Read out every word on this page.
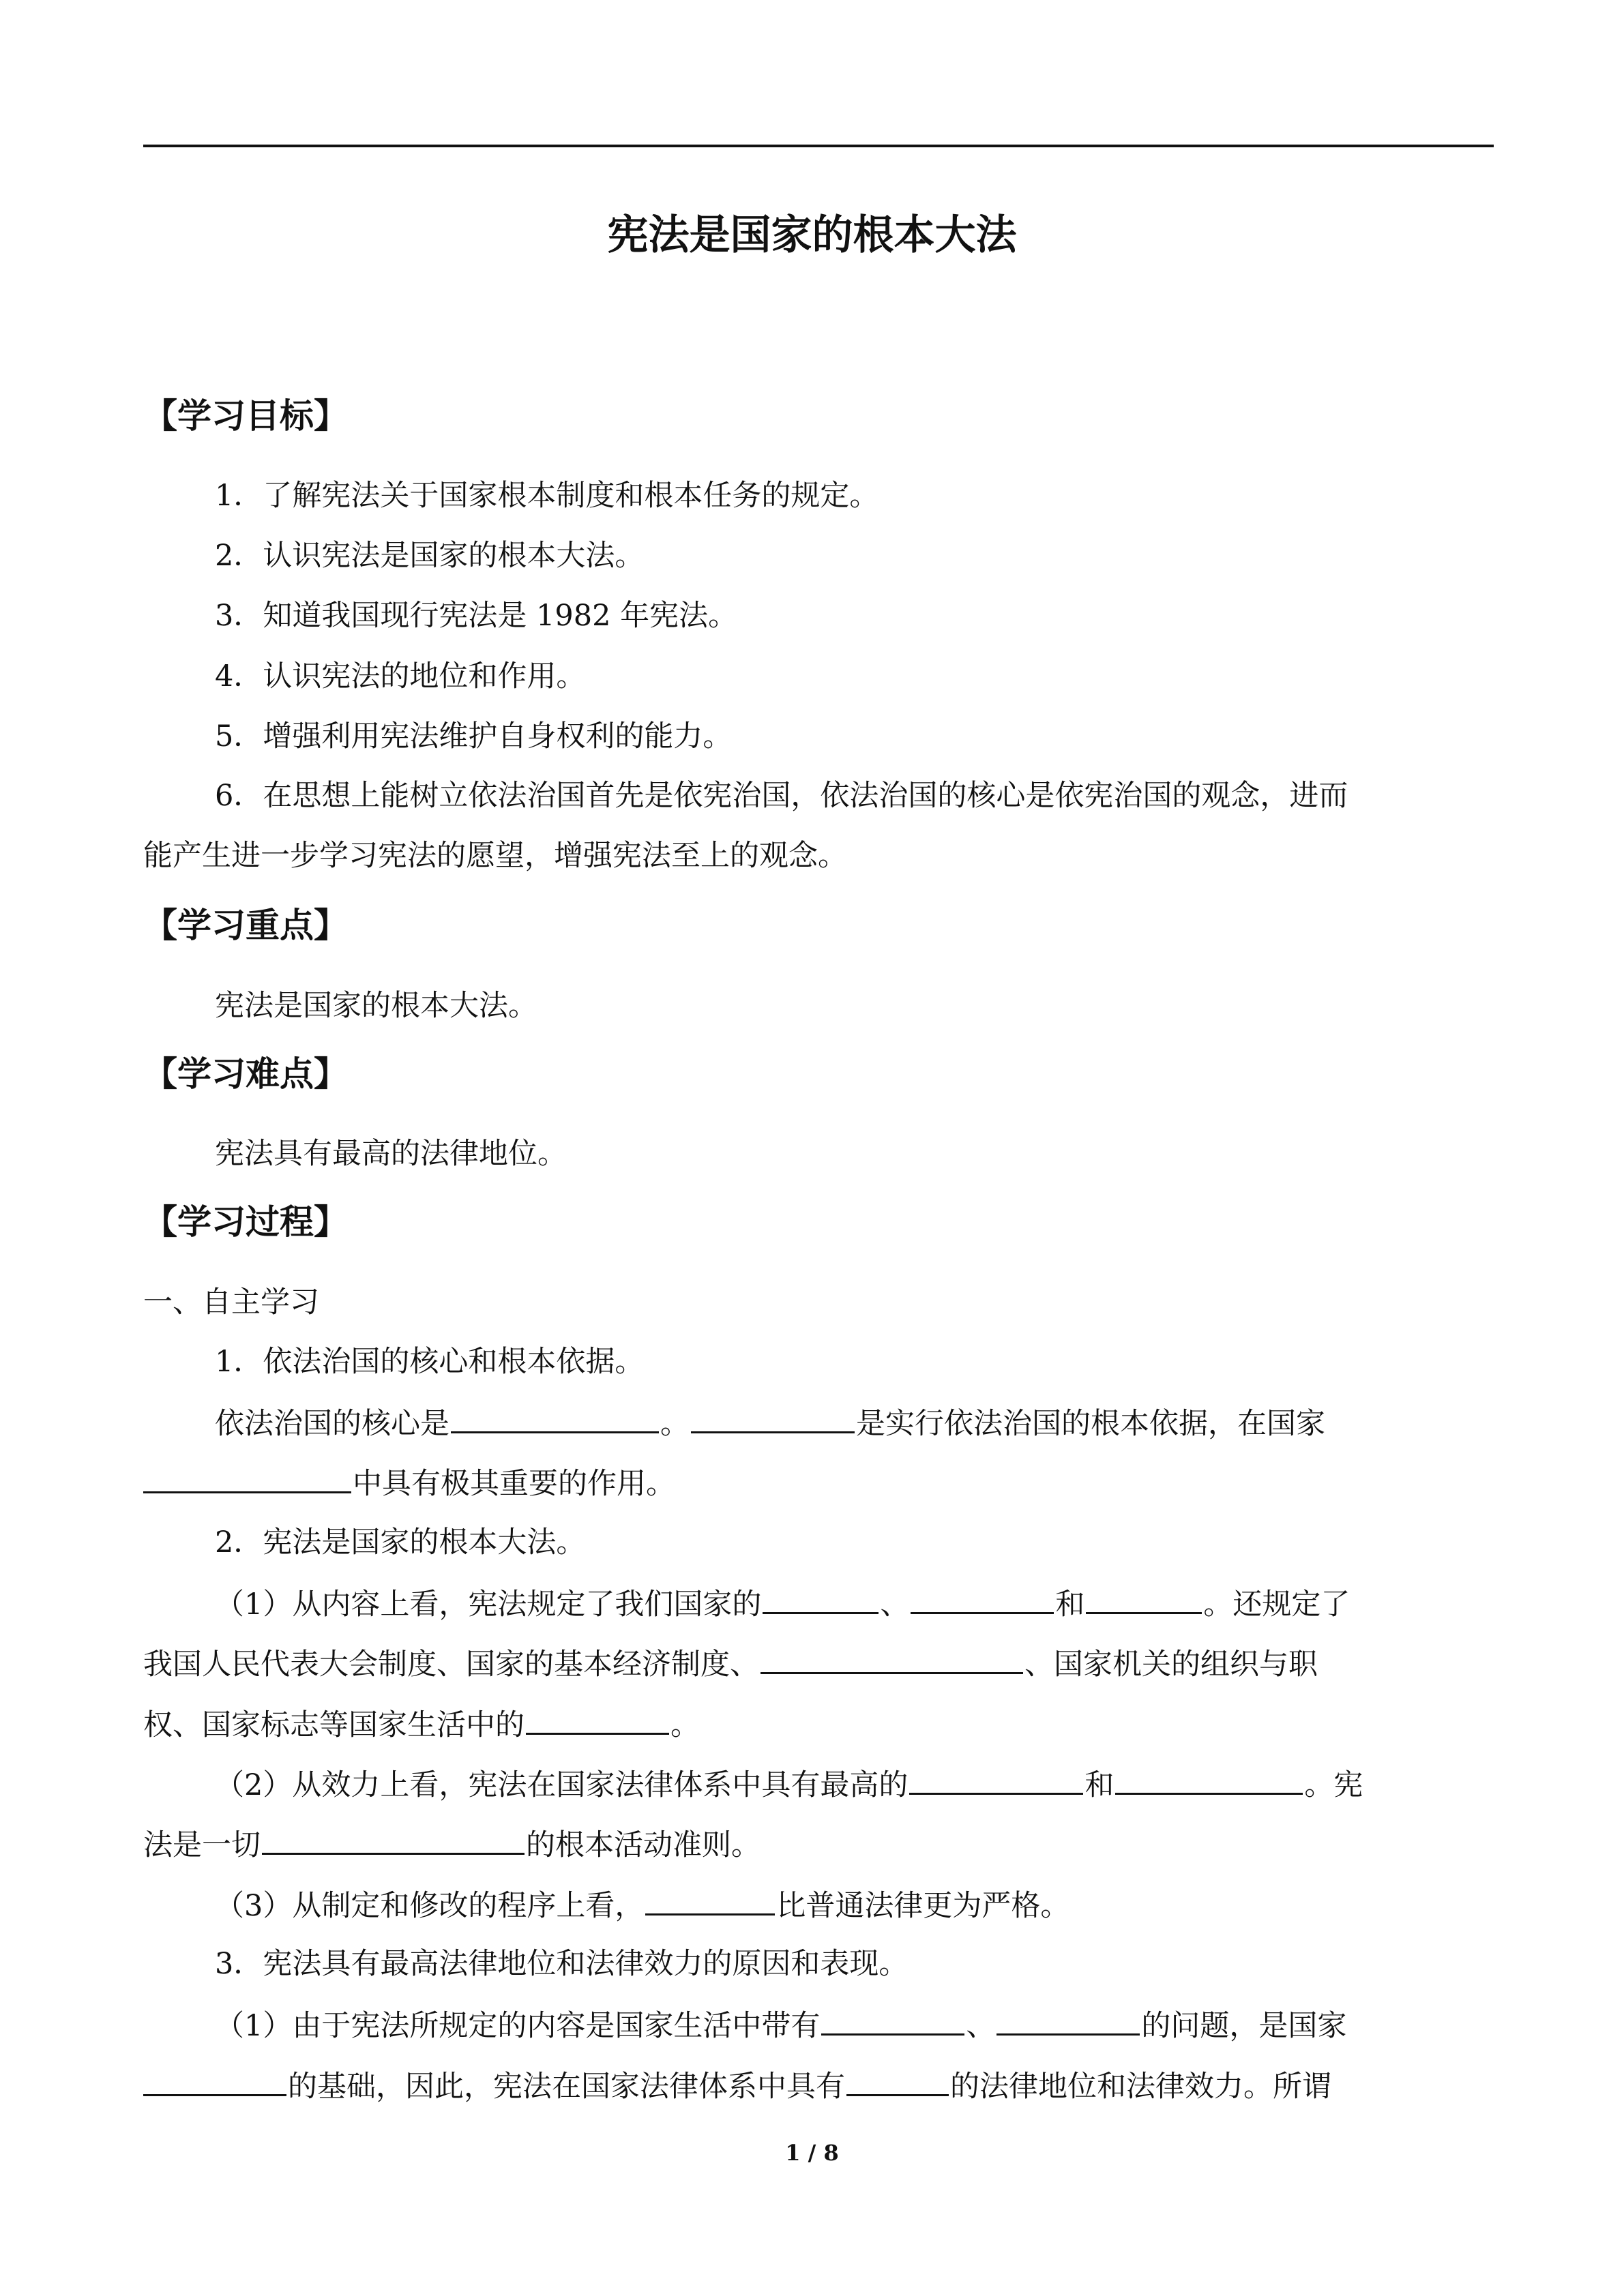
宪法是国家的根本大法
【学习目标】
1．了解宪法关于国家根本制度和根本任务的规定。
2．认识宪法是国家的根本大法。
3．知道我国现行宪法是 1982 年宪法。
4．认识宪法的地位和作用。
5．增强利用宪法维护自身权利的能力。
6．在思想上能树立依法治国首先是依宪治国，依法治国的核心是依宪治国的观念，进而
能产生进一步学习宪法的愿望，增强宪法至上的观念。
【学习重点】
宪法是国家的根本大法。
【学习难点】
宪法具有最高的法律地位。
【学习过程】
一、自主学习
1．依法治国的核心和根本依据。
依法治国的核心是	。	是实行依法治国的根本依据，在国家
中具有极其重要的作用。
2．宪法是国家的根本大法。
（1）从内容上看，宪法规定了我们国家的	、	和	。还规定了
我国人民代表大会制度、国家的基本经济制度、	、国家机关的组织与职
权、国家标志等国家生活中的	。
（2）从效力上看，宪法在国家法律体系中具有最高的	和	。宪
法是一切	的根本活动准则。
（3）从制定和修改的程序上看，	比普通法律更为严格。
3．宪法具有最高法律地位和法律效力的原因和表现。
（1）由于宪法所规定的内容是国家生活中带有	、	的问题，是国家
的基础，因此，宪法在国家法律体系中具有	的法律地位和法律效力。所谓
1 / 8
